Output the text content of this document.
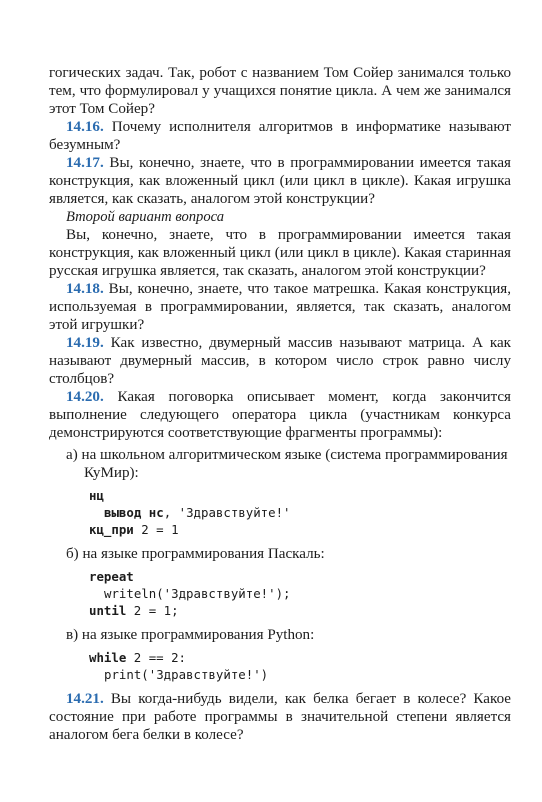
гогических задач. Так, робот с названием Том Сойер занимался только тем, что формулировал у учащихся понятие цикла. А чем же занимался этот Том Сойер?

14.16. Почему исполнителя алгоритмов в информатике называют безумным?

14.17. Вы, конечно, знаете, что в программировании имеется такая конструкция, как вложенный цикл (или цикл в цикле). Какая игрушка является, как сказать, аналогом этой конструкции?

Второй вариант вопроса

Вы, конечно, знаете, что в программировании имеется такая конструкция, как вложенный цикл (или цикл в цикле). Какая старинная русская игрушка является, так сказать, аналогом этой конструкции?

14.18. Вы, конечно, знаете, что такое матрешка. Какая конструкция, используемая в программировании, является, так сказать, аналогом этой игрушки?

14.19. Как известно, двумерный массив называют матрица. А как называют двумерный массив, в котором число строк равно числу столбцов?

14.20. Какая поговорка описывает момент, когда закончится выполнение следующего оператора цикла (участникам конкурса демонстрируются соответствующие фрагменты программы):

а) на школьном алгоритмическом языке (система программирования КуМир):

нц
вывод нс, 'Здравствуйте!'
кц_при 2 = 1

б) на языке программирования Паскаль:

repeat
writeln('Здравствуйте!');
until 2 = 1;

в) на языке программирования Python:

while 2 == 2:
print('Здравствуйте!')

14.21. Вы когда-нибудь видели, как белка бегает в колесе? Какое состояние при работе программы в значительной степени является аналогом бега белки в колесе?
